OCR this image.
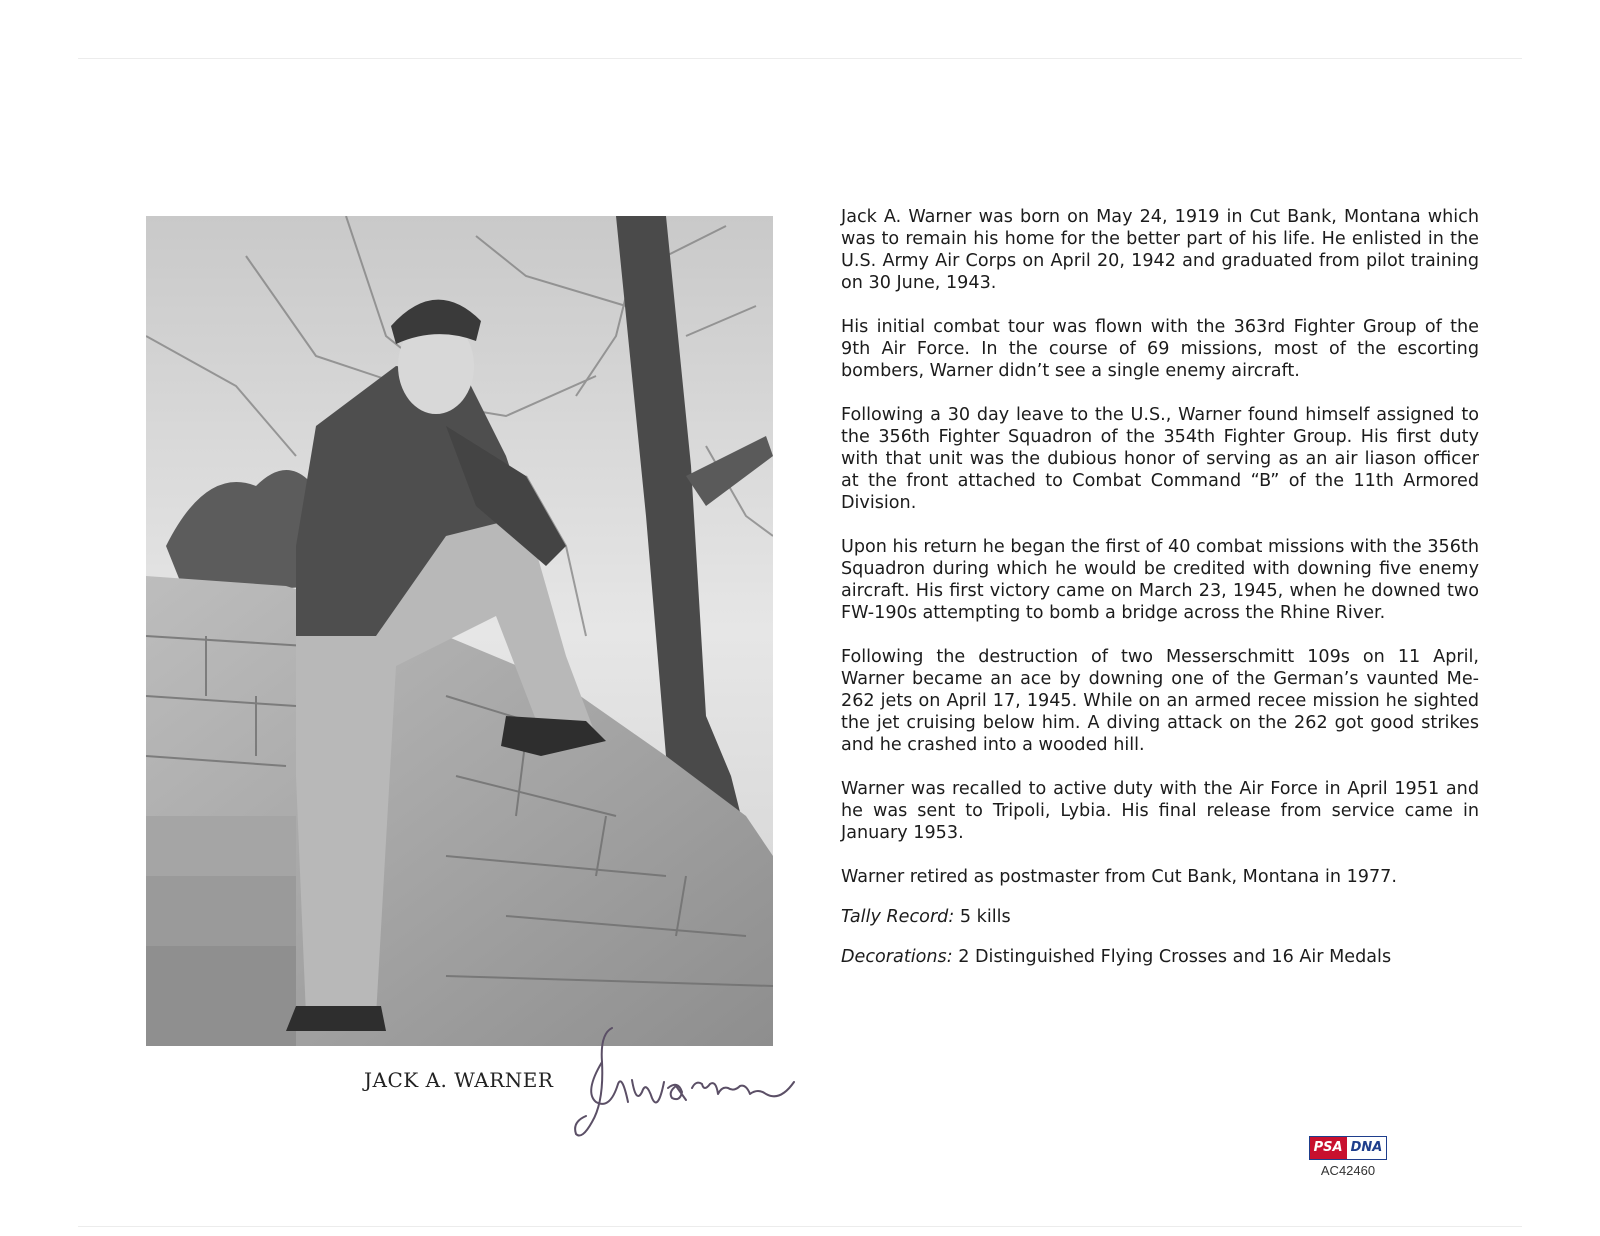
JACK A. WARNER

Jack A. Warner was born on May 24, 1919 in Cut Bank, Montana which was to remain his home for the better part of his life. He enlisted in the U.S. Army Air Corps on April 20, 1942 and graduated from pilot training on 30 June, 1943.

His initial combat tour was flown with the 363rd Fighter Group of the 9th Air Force. In the course of 69 missions, most of the escorting bombers, Warner didn’t see a single enemy aircraft.

Following a 30 day leave to the U.S., Warner found himself assigned to the 356th Fighter Squadron of the 354th Fighter Group. His first duty with that unit was the dubious honor of serving as an air liason officer at the front attached to Combat Command “B” of the 11th Armored Division.

Upon his return he began the first of 40 combat missions with the 356th Squadron during which he would be credited with downing five enemy aircraft. His first victory came on March 23, 1945, when he downed two FW-190s attempting to bomb a bridge across the Rhine River.

Following the destruction of two Messerschmitt 109s on 11 April, Warner became an ace by downing one of the German’s vaunted Me-262 jets on April 17, 1945. While on an armed recee mission he sighted the jet cruising below him. A diving attack on the 262 got good strikes and he crashed into a wooded hill.

Warner was recalled to active duty with the Air Force in April 1951 and he was sent to Tripoli, Lybia. His final release from service came in January 1953.

Warner retired as postmaster from Cut Bank, Montana in 1977.

Tally Record: 5 kills

Decorations: 2 Distinguished Flying Crosses and 16 Air Medals

PSA DNA
AC42460
